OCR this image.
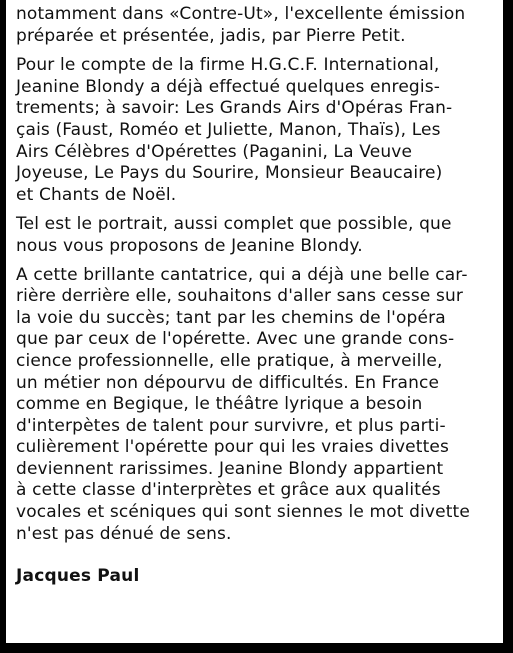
notamment dans «Contre-Ut», l'excellente émission
préparée et présentée, jadis, par Pierre Petit.

Pour le compte de la firme H.G.C.F. International,
Jeanine Blondy a déjà effectué quelques enregis-
trements; à savoir: Les Grands Airs d'Opéras Fran-
çais (Faust, Roméo et Juliette, Manon, Thaïs), Les
Airs Célèbres d'Opérettes (Paganini, La Veuve
Joyeuse, Le Pays du Sourire, Monsieur Beaucaire)
et Chants de Noël.

Tel est le portrait, aussi complet que possible, que
nous vous proposons de Jeanine Blondy.

A cette brillante cantatrice, qui a déjà une belle car-
rière derrière elle, souhaitons d'aller sans cesse sur
la voie du succès; tant par les chemins de l'opéra
que par ceux de l'opérette. Avec une grande cons-
cience professionnelle, elle pratique, à merveille,
un métier non dépourvu de difficultés. En France
comme en Begique, le théâtre lyrique a besoin
d'interpètes de talent pour survivre, et plus parti-
culièrement l'opérette pour qui les vraies divettes
deviennent rarissimes. Jeanine Blondy appartient
à cette classe d'interprètes et grâce aux qualités
vocales et scéniques qui sont siennes le mot divette
n'est pas dénué de sens.

Jacques Paul
